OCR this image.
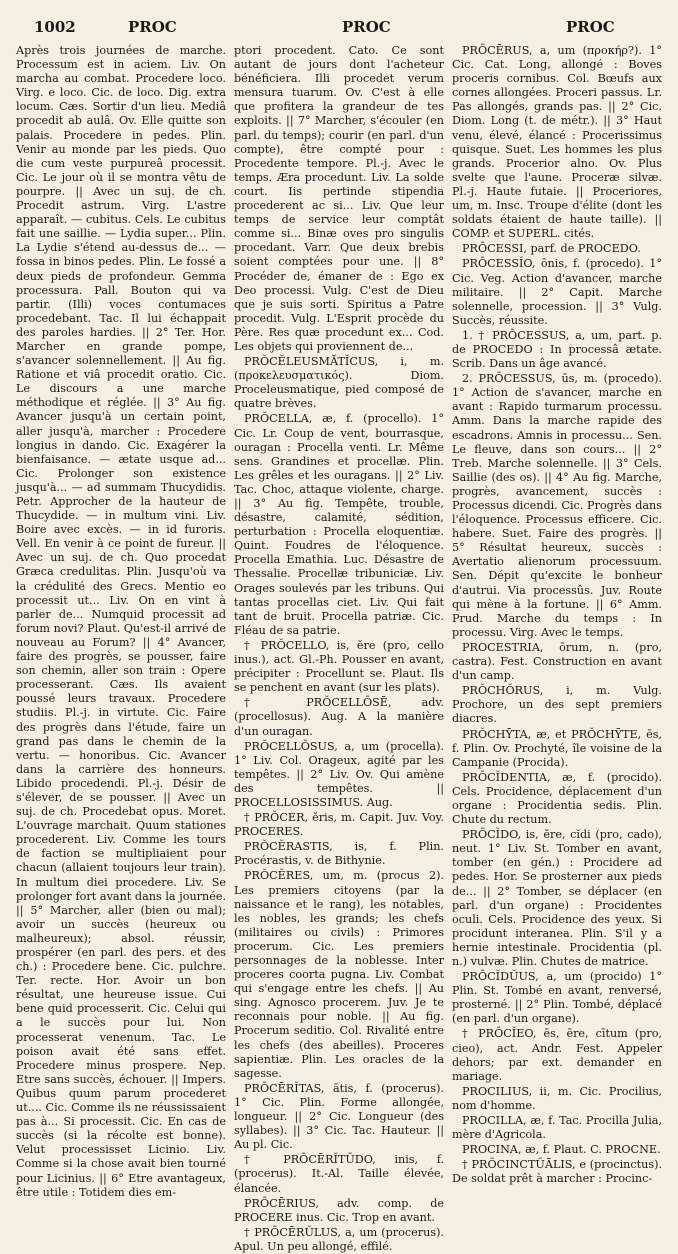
1002	PROC	PROC	PROC

Après trois journées de marche. Processum est in aciem. Liv. On marcha au combat. Procedere loco. Virg. e loco. Cic. de loco. Dig. extra locum. Cæs. Sortir d'un lieu. Mediâ procedit ab aulâ. Ov. Elle quitte son palais. Procedere in pedes. Plin. Venir au monde par les pieds. Quo die cum veste purpureâ processit. Cic. Le jour où il se montra vêtu de pourpre. || Avec un suj. de ch. Procedit astrum. Virg. L'astre apparaît. — cubitus. Cels. Le cubitus fait une saillie. — Lydia super... Plin. La Lydie s'étend au-dessus de... — fossa in binos pedes. Plin. Le fossé a deux pieds de profondeur. Gemma processura. Pall. Bouton qui va partir. (Illi) voces contumaces procedebant. Tac. Il lui échappait des paroles hardies. || 2° Ter. Hor. Marcher en grande pompe, s'avancer solennellement. || Au fig. Ratione et viâ procedit oratio. Cic. Le discours a une marche méthodique et réglée. || 3° Au fig. Avancer jusqu'à un certain point, aller jusqu'à, marcher : Procedere longius in dando. Cic. Exagérer la bienfaisance. — ætate usque ad... Cic. Prolonger son existence jusqu'à... — ad summam Thucydidis. Petr. Approcher de la hauteur de Thucydide. — in multum vini. Liv. Boire avec excès. — in id furoris. Vell. En venir à ce point de fureur. || Avec un suj. de ch. Quo procedat Græca credulitas. Plin. Jusqu'où va la crédulité des Grecs. Mentio eo processit ut... Liv. On en vint à parler de... Numquid processit ad forum novi? Plaut. Qu'est-il arrivé de nouveau au Forum? || 4° Avancer, faire des progrès, se pousser, faire son chemin, aller son train : Opere processerant. Cæs. Ils avaient poussé leurs travaux. Procedere studiis. Pl.-j. in virtute. Cic. Faire des progrès dans l'étude, faire un grand pas dans le chemin de la vertu. — honoribus. Cic. Avancer dans la carrière des honneurs. Libido procedendi. Pl.-j. Désir de s'élever, de se pousser. || Avec un suj. de ch. Procedebat opus. Moret. L'ouvrage marchait. Quum stationes procederent. Liv. Comme les tours de faction se multipliaient pour chacun (allaient toujours leur train). In multum diei procedere. Liv. Se prolonger fort avant dans la journée. || 5° Marcher, aller (bien ou mal); avoir un succès (heureux ou malheureux); absol. réussir, prospérer (en parl. des pers. et des ch.) : Procedere bene. Cic. pulchre. Ter. recte. Hor. Avoir un bon résultat, une heureuse issue. Cui bene quid processerit. Cic. Celui qui a le succès pour lui. Non processerat venenum. Tac. Le poison avait été sans effet. Procedere minus prospere. Nep. Etre sans succès, échouer. || Impers. Quibus quum parum procederet ut.... Cic. Comme ils ne réussissaient pas à... Si processit. Cic. En cas de succès (si la récolte est bonne). Velut processisset Licinio. Liv. Comme si la chose avait bien tourné pour Licinius. || 6° Etre avantageux, être utile : Totidem dies em-

ptori procedent. Cato. Ce sont autant de jours dont l'acheteur bénéficiera. Illi procedet verum mensura tuarum. Ov. C'est à elle que profitera la grandeur de tes exploits. || 7° Marcher, s'écouler (en parl. du temps); courir (en parl. d'un compte), être compté pour : Procedente tempore. Pl.-j. Avec le temps. Æra procedunt. Liv. La solde court. Iis pertinde stipendia procederent ac si... Liv. Que leur temps de service leur comptât comme si... Binæ oves pro singulis procedant. Varr. Que deux brebis soient comptées pour une. || 8° Procéder de, émaner de : Ego ex Deo processi. Vulg. C'est de Dieu que je suis sorti. Spiritus a Patre procedit. Vulg. L'Esprit procède du Père. Res quæ procedunt ex... Cod. Les objets qui proviennent de...

PRŎCĔLEUSMĂTĬCUS, i, m. (προκελευσματικός). Diom. Proceleusmatique, pied composé de quatre brèves.

PRŎCELLA, æ, f. (procello). 1° Cic. Lr. Coup de vent, bourrasque, ouragan : Procella venti. Lr. Même sens. Grandines et procellæ. Plin. Les grêles et les ouragans. || 2° Liv. Tac. Choc, attaque violente, charge. || 3° Au fig. Tempête, trouble, désastre, calamité, sédition, perturbation : Procella eloquentiæ. Quint. Foudres de l'éloquence. Procella Emathia. Luc. Désastre de Thessalie. Procellæ tribuniciæ. Liv. Orages soulevés par les tribuns. Qui tantas procellas ciet. Liv. Qui fait tant de bruit. Procella patriæ. Cic. Fléau de sa patrie.

† PRŎCELLO, is, ĕre (pro, cello inus.), act. Gl.-Ph. Pousser en avant, précipiter : Procellunt se. Plaut. Ils se penchent en avant (sur les plats).

† PRŎCELLŌSĒ, adv. (procellosus). Aug. A la manière d'un ouragan.

PRŎCELLŌSUS, a, um (procella). 1° Liv. Col. Orageux, agité par les tempêtes. || 2° Liv. Ov. Qui amène des tempêtes. || PROCELLOSISSIMUS. Aug.

† PRŎCER, ĕris, m. Capit. Juv. Voy. PROCERES.

PRŎCĔRASTIS, is, f. Plin. Procérastis, v. de Bithynie.

PRŎCĔRES, um, m. (procus 2). Les premiers citoyens (par la naissance et le rang), les notables, les nobles, les grands; les chefs (militaires ou civils) : Primores procerum. Cic. Les premiers personnages de la noblesse. Inter proceres coorta pugna. Liv. Combat qui s'engage entre les chefs. || Au sing. Agnosco procerem. Juv. Je te reconnais pour noble. || Au fig. Procerum seditio. Col. Rivalité entre les chefs (des abeilles). Proceres sapientiæ. Plin. Les oracles de la sagesse.

PRŌCĒRĬTAS, ātis, f. (procerus). 1° Cic. Plin. Forme allongée, longueur. || 2° Cic. Longueur (des syllabes). || 3° Cic. Tac. Hauteur. || Au pl. Cic.

† PRŌCĒRĬTŪDO, inis, f. (procerus). It.-Al. Taille élevée, élancée.

PRŌCĒRIUS, adv. comp. de PROCERE inus. Cic. Trop en avant.

† PRŌCĒRŬLUS, a, um (procerus). Apul. Un peu allongé, effilé.

PRŌCĒRUS, a, um (προκήρ?). 1° Cic. Cat. Long, allongé : Boves proceris cornibus. Col. Bœufs aux cornes allongées. Proceri passus. Lr. Pas allongés, grands pas. || 2° Cic. Diom. Long (t. de métr.). || 3° Haut venu, élevé, élancé : Procerissimus quisque. Suet. Les hommes les plus grands. Procerior alno. Ov. Plus svelte que l'aune. Proceræ silvæ. Pl.-j. Haute futaie. || Proceriores, um, m. Insc. Troupe d'élite (dont les soldats étaient de haute taille). || COMP. et SUPERL. cités.

PRŌCESSI, parf. de PROCEDO.

PRŌCESSĬO, ōnis, f. (procedo). 1° Cic. Veg. Action d'avancer, marche militaire. || 2° Capit. Marche solennelle, procession. || 3° Vulg. Succès, réussite.

1. † PRŌCESSUS, a, um, part. p. de PROCEDO : In processâ ætate. Scrib. Dans un âge avancé.

2. PRŌCESSUS, ūs, m. (procedo). 1° Action de s'avancer, marche en avant : Rapido turmarum processu. Amm. Dans la marche rapide des escadrons. Amnis in processu... Sen. Le fleuve, dans son cours... || 2° Treb. Marche solennelle. || 3° Cels. Saillie (des os). || 4° Au fig. Marche, progrès, avancement, succès : Processus dicendi. Cic. Progrès dans l'éloquence. Processus efficere. Cic. habere. Suet. Faire des progrès. || 5° Résultat heureux, succès : Avertatio alienorum processuum. Sen. Dépit qu'excite le bonheur d'autrui. Via processûs. Juv. Route qui mène à la fortune. || 6° Amm. Prud. Marche du temps : In processu. Virg. Avec le temps.

PROCESTRIA, ōrum, n. (pro, castra). Fest. Construction en avant d'un camp.

PRŎCHŎRUS, i, m. Vulg. Prochore, un des sept premiers diacres.

PRŎCHȲTA, æ, et PRŎCHȲTE, ēs, f. Plin. Ov. Prochyté, île voisine de la Campanie (Procida).

PRŌCĬDENTIA, æ, f. (procido). Cels. Procidence, déplacement d'un organe : Procidentia sedis. Plin. Chute du rectum.

PRŌCĬDO, is, ĕre, cĭdi (pro, cado), neut. 1° Liv. St. Tomber en avant, tomber (en gén.) : Procidere ad pedes. Hor. Se prosterner aux pieds de... || 2° Tomber, se déplacer (en parl. d'un organe) : Procidentes oculi. Cels. Procidence des yeux. Si procidunt interanea. Plin. S'il y a hernie intestinale. Procidentia (pl. n.) vulvæ. Plin. Chutes de matrice.

PRŌCĬDŬUS, a, um (procido) 1° Plin. St. Tombé en avant, renversé, prosterné. || 2° Plin. Tombé, déplacé (en parl. d'un organe).

† PRŌCĬEO, ēs, ēre, cītum (pro, cieo), act. Andr. Fest. Appeler dehors; par ext. demander en mariage.

PROCILIUS, ii, m. Cic. Procilius, nom d'homme.

PROCILLA, æ, f. Tac. Procilla Julia, mère d'Agricola.

PROCINA, æ, f. Plaut. C. PROCNE.

† PRŌCINCTŪĀLIS, e (procinctus). De soldat prêt à marcher : Procinc-
